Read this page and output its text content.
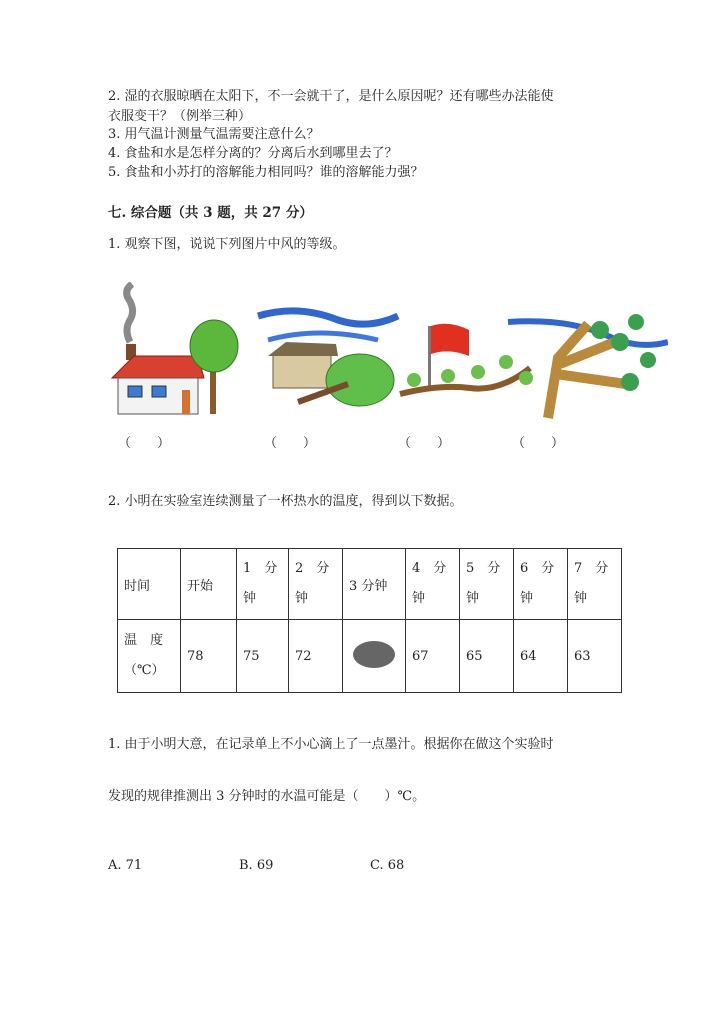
2. 湿的衣服晾晒在太阳下，不一会就干了，是什么原因呢？还有哪些办法能使
衣服变干？（例举三种）
3. 用气温计测量气温需要注意什么？
4. 食盐和水是怎样分离的？分离后水到哪里去了？
5. 食盐和小苏打的溶解能力相同吗？谁的溶解能力强？
七. 综合题（共 3 题，共 27 分）
1. 观察下图，说说下列图片中风的等级。
（　　）	（　　）	（　　）	（　　）
2. 小明在实验室连续测量了一杯热水的温度，得到以下数据。
时间	开始	1　分钟	2　分钟	3 分钟	4　分钟	5　分钟	6　分钟	7　分钟

温　度（℃）	78	75	72		67	65	64	63
1. 由于小明大意，在记录单上不小心滴上了一点墨汁。根据你在做这个实验时
发现的规律推测出 3 分钟时的水温可能是（　　）℃。
A. 71	B. 69	C. 68
